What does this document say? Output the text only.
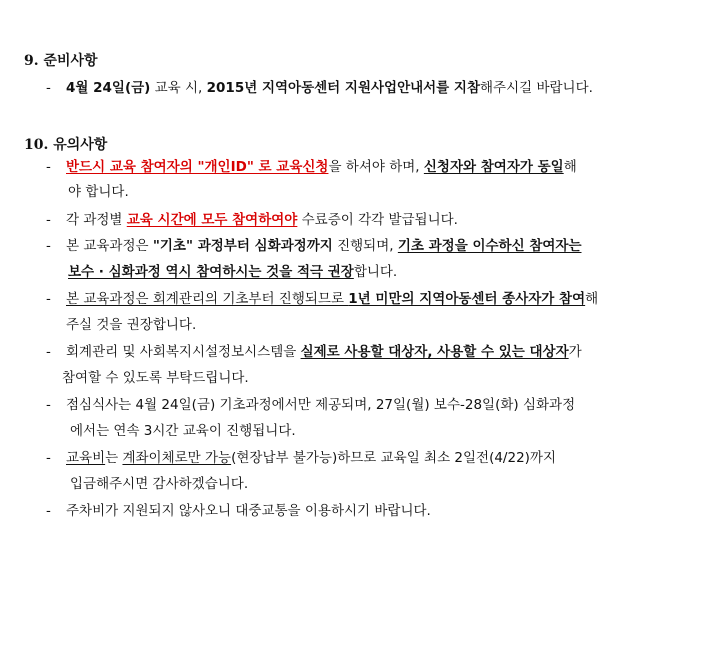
9. 준비사항
- 4월 24일(금) 교육 시, 2015년 지역아동센터 지원사업안내서를 지참해주시길 바랍니다.
10. 유의사항
- 반드시 교육 참여자의 "개인ID" 로 교육신청을 하셔야 하며, 신청자와 참여자가 동일해
야 합니다.
- 각 과정별 교육 시간에 모두 참여하여야 수료증이 각각 발급됩니다.
- 본 교육과정은 "기초" 과정부터 심화과정까지 진행되며, 기초 과정을 이수하신 참여자는
보수 · 심화과정 역시 참여하시는 것을 적극 권장합니다.
- 본 교육과정은 회계관리의 기초부터 진행되므로 1년 미만의 지역아동센터 종사자가 참여해
주실 것을 권장합니다.
- 회계관리 및 사회복지시설정보시스템을 실제로 사용할 대상자, 사용할 수 있는 대상자가
참여할 수 있도록 부탁드립니다.
- 점심식사는 4월 24일(금) 기초과정에서만 제공되며, 27일(월) 보수-28일(화) 심화과정
에서는 연속 3시간 교육이 진행됩니다.
- 교육비는 계좌이체로만 가능(현장납부 불가능)하므로 교육일 최소 2일전(4/22)까지
입금해주시면 감사하겠습니다.
- 주차비가 지원되지 않사오니 대중교통을 이용하시기 바랍니다.
